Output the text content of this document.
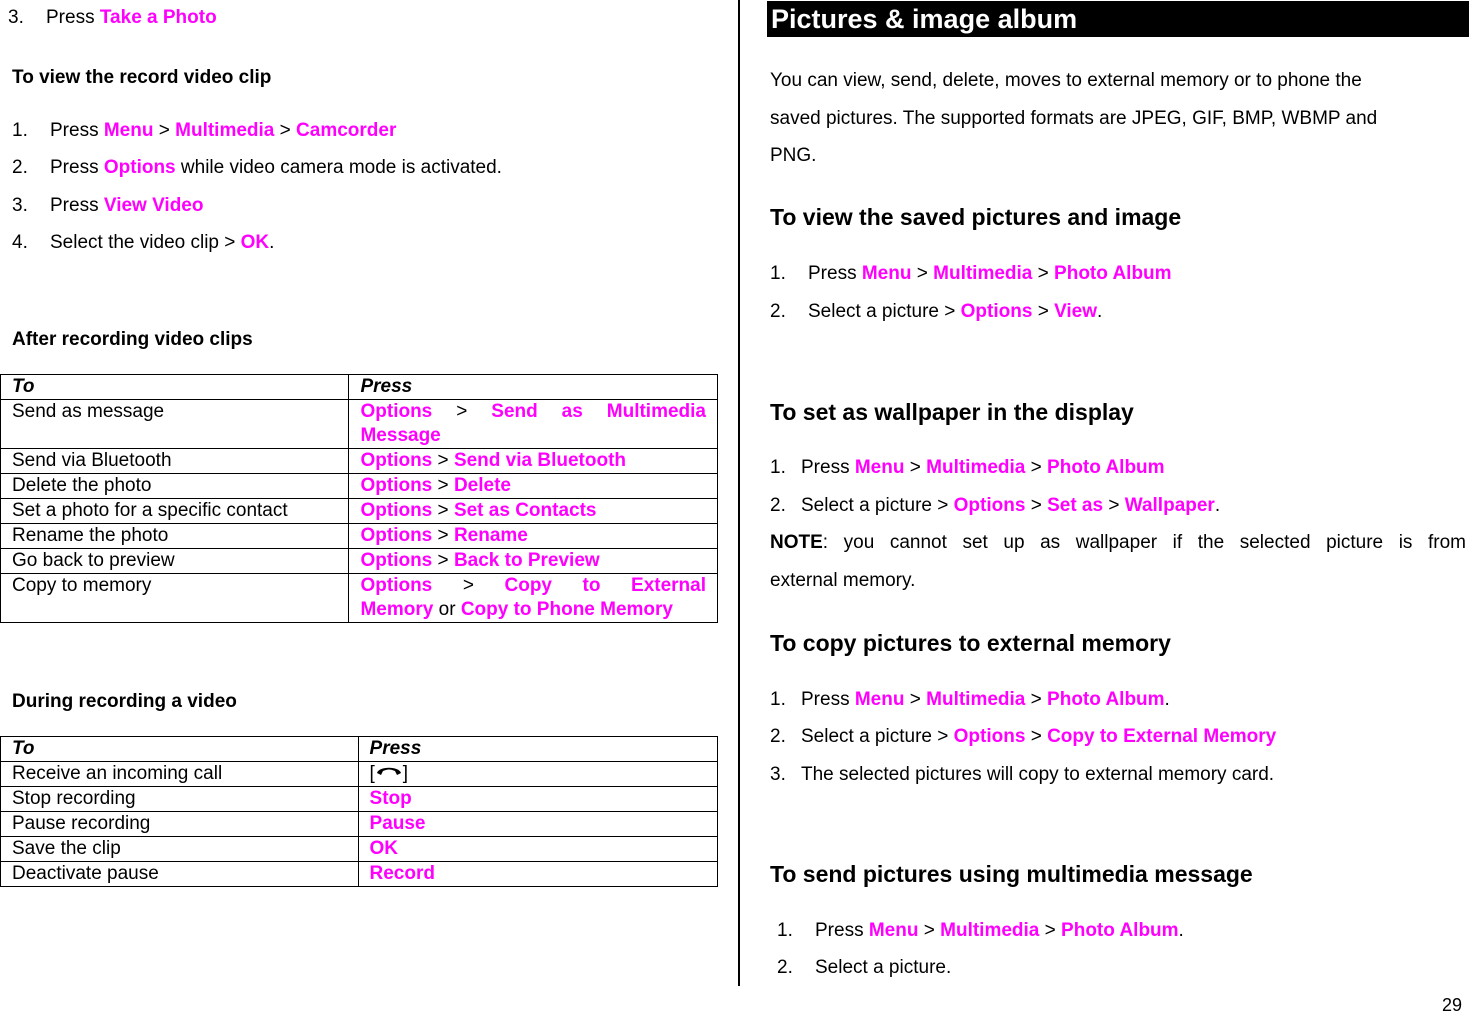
3. Press Take a Photo
To view the record video clip
1. Press Menu > Multimedia > Camcorder
2. Press Options while video camera mode is activated.
3. Press View Video
4. Select the video clip > OK.
After recording video clips
To	Press
Send as message	Options > Send as Multimedia
Message

Send via Bluetooth	Options > Send via Bluetooth
Delete the photo	Options > Delete
Set a photo for a specific contact	Options > Set as Contacts
Rename the photo	Options > Rename
Go back to preview	Options > Back to Preview
Copy to memory	Options > Copy to External
Memory or Copy to Phone Memory
During recording a video
To	Press
Receive an incoming call	[ ]
Stop recording	Stop
Pause recording	Pause
Save the clip	OK
Deactivate pause	Record
Pictures & image album
You can view, send, delete, moves to external memory or to phone the
saved pictures. The supported formats are JPEG, GIF, BMP, WBMP and
PNG.
To view the saved pictures and image
1. Press Menu > Multimedia > Photo Album
2. Select a picture > Options > View.
To set as wallpaper in the display
1. Press Menu > Multimedia > Photo Album
2. Select a picture > Options > Set as > Wallpaper.
NOTE: you cannot set up as wallpaper if the selected picture is from
external memory.
To copy pictures to external memory
1. Press Menu > Multimedia > Photo Album.
2. Select a picture > Options > Copy to External Memory
3. The selected pictures will copy to external memory card.
To send pictures using multimedia message
1. Press Menu > Multimedia > Photo Album.
2. Select a picture.
29
